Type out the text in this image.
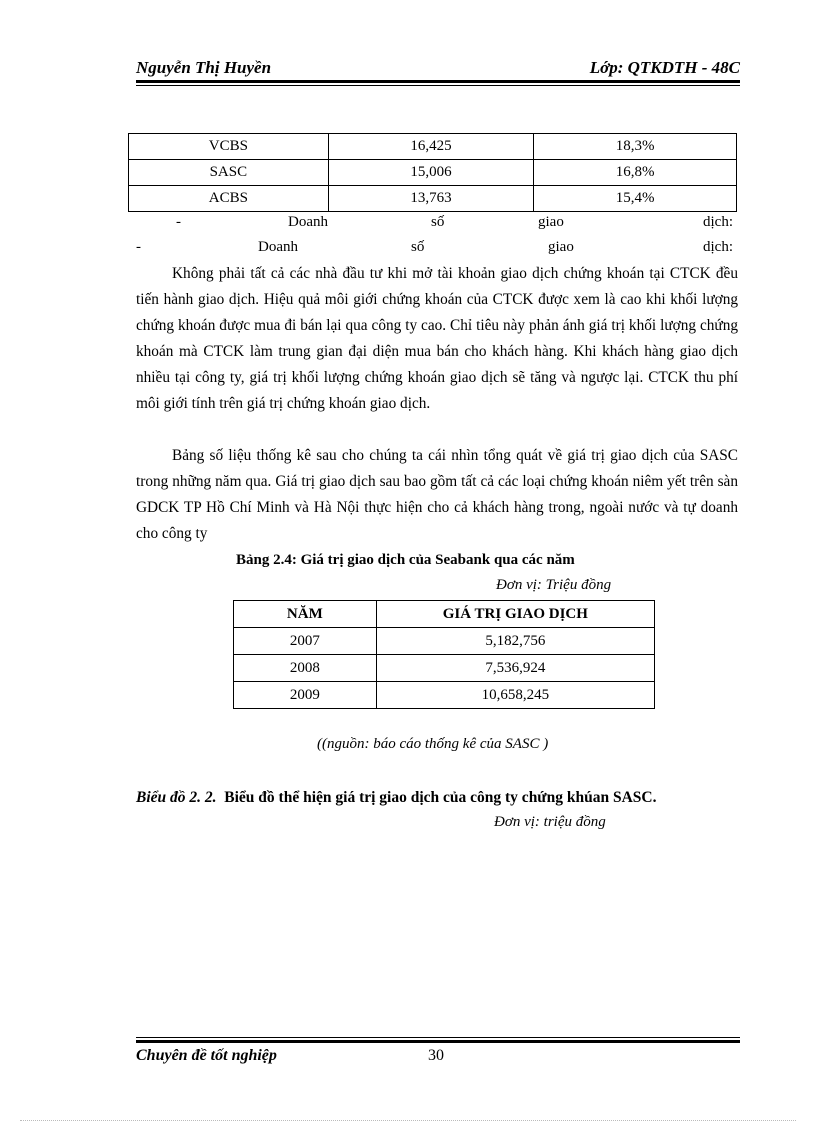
Nguyễn Thị Huyền	Lớp: QTKDTH - 48C
VCBS	16,425	18,3%
SASC	15,006	16,8%
ACBS	13,763	15,4%
-	Doanh	số	giao	dịch:
-	Doanh	số	giao	dịch:
Không phải tất cả các nhà đầu tư khi mở tài khoản giao dịch chứng khoán tại CTCK đều tiến hành giao dịch. Hiệu quả môi giới chứng khoán của CTCK được xem là cao khi khối lượng chứng khoán được mua đi bán lại qua công ty cao. Chỉ tiêu này phản ánh giá trị khối lượng chứng khoán mà CTCK làm trung gian đại diện mua bán cho khách hàng. Khi khách hàng giao dịch nhiều tại công ty, giá trị khối lượng chứng khoán giao dịch sẽ tăng và ngược lại. CTCK thu phí môi giới tính trên giá trị chứng khoán giao dịch.
Bảng số liệu thống kê sau cho chúng ta cái nhìn tổng quát về giá trị giao dịch của SASC trong những năm qua. Giá trị giao dịch sau bao gồm tất cả các loại chứng khoán niêm yết trên sàn GDCK TP Hồ Chí Minh và Hà Nội thực hiện cho cả khách hàng trong, ngoài nước và tự doanh cho công ty
Bảng 2.4: Giá trị giao dịch của Seabank qua các năm
Đơn vị: Triệu đồng
NĂM	GIÁ TRỊ GIAO DỊCH
2007	5,182,756
2008	7,536,924
2009	10,658,245
((nguồn: báo cáo thống kê của SASC )
Biểu đồ 2. 2. Biểu đồ thể hiện giá trị giao dịch của công ty chứng khúan SASC.
Đơn vị: triệu đồng
Chuyên đề tốt nghiệp	30
